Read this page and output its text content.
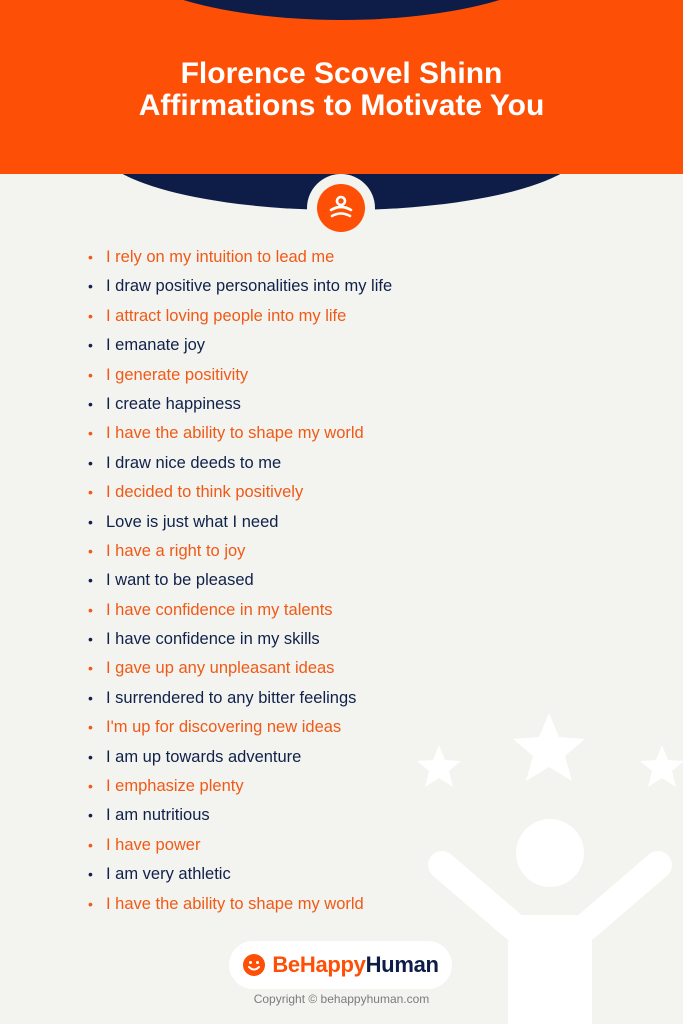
Florence Scovel Shinn
Affirmations to Motivate You
• I rely on my intuition to lead me
• I draw positive personalities into my life
• I attract loving people into my life
• I emanate joy
• I generate positivity
• I create happiness
• I have the ability to shape my world
• I draw nice deeds to me
• I decided to think positively
• Love is just what I need
• I have a right to joy
• I want to be pleased
• I have confidence in my talents
• I have confidence in my skills
• I gave up any unpleasant ideas
• I surrendered to any bitter feelings
• I'm up for discovering new ideas
• I am up towards adventure
• I emphasize plenty
• I am nutritious
• I have power
• I am very athletic
• I have the ability to shape my world
BeHappyHuman
Copyright © behappyhuman.com
